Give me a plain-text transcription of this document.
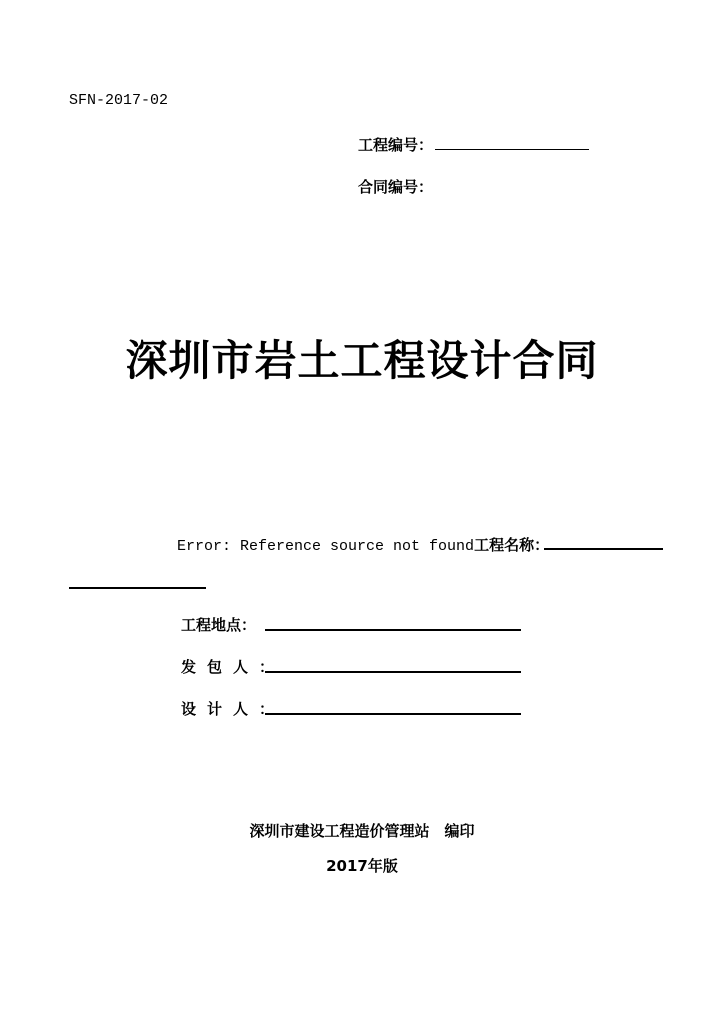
SFN-2017-02
工程编号：
合同编号：
深圳市岩土工程设计合同
Error: Reference source not found工程名称：
工程地点：
发包人：
设计人：
深圳市建设工程造价管理站　编印
2017年版
